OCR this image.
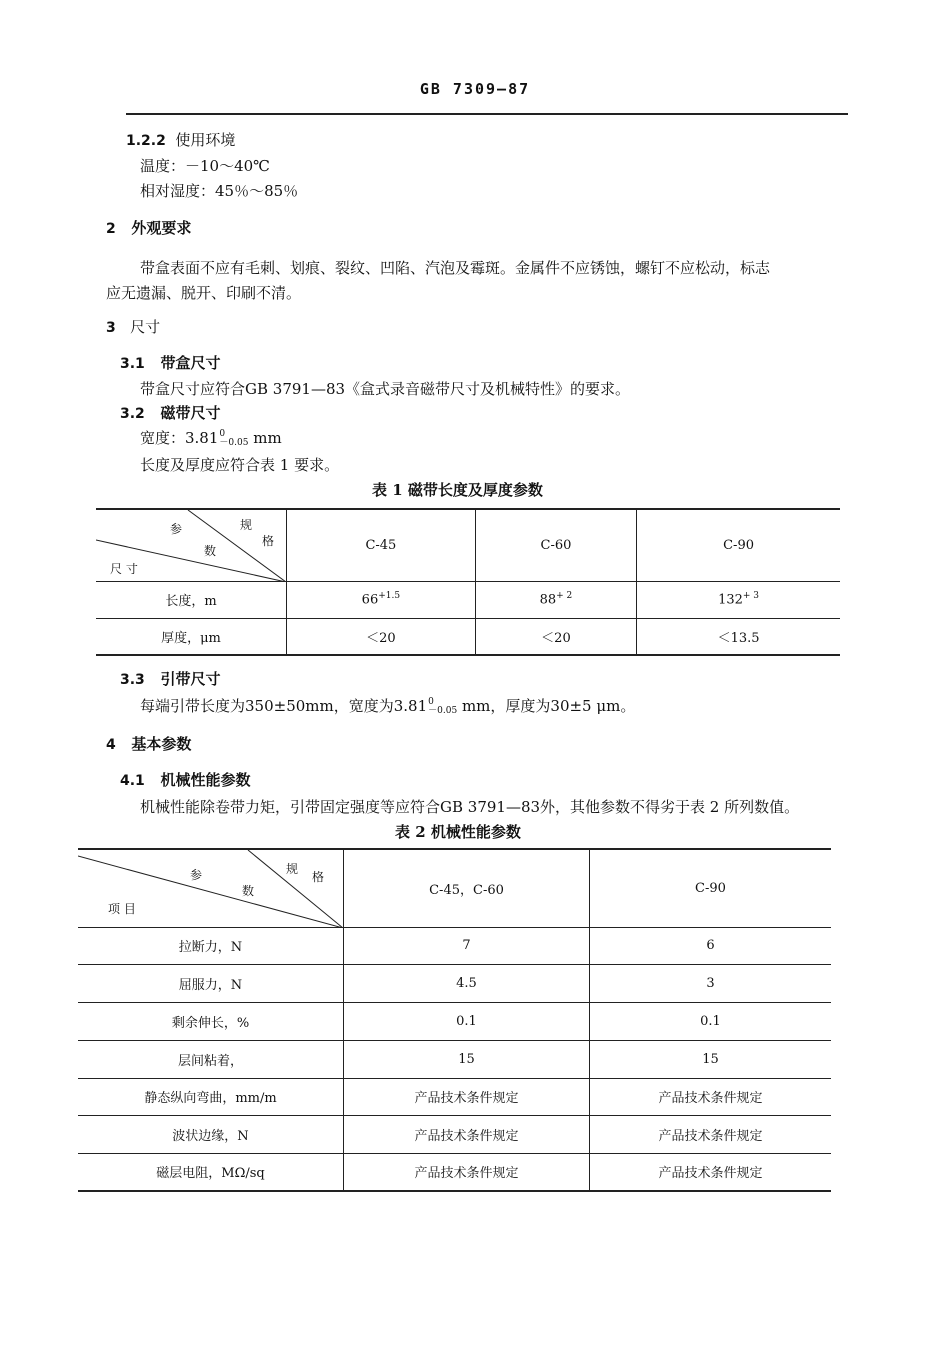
GB 7309—87
1.2.2 使用环境
温度：－10～40℃
相对湿度：45％～85％
2 外观要求
带盒表面不应有毛刺、划痕、裂纹、凹陷、汽泡及霉斑。金属件不应锈蚀，螺钉不应松动，标志
应无遗漏、脱开、印刷不清。
3 尺寸
3.1 带盒尺寸
带盒尺寸应符合GB 3791—83《盒式录音磁带尺寸及机械特性》的要求。
3.2 磁带尺寸
宽度：3.810
－0.05 mm
长度及厚度应符合表 1 要求。
表 1 磁带长度及厚度参数
参 规
格
数
尺 寸	C-45	C-60	C-90
长度，m	$66^{+1.5}$	$88^{+ 2}$	$132^{+ 3}$
厚度，μm	＜20	＜20	＜13.5
3.3 引带尺寸
每端引带长度为350±50mm，宽度为3.810
－0.05 mm，厚度为30±5 μm。
4 基本参数
4.1 机械性能参数
机械性能除卷带力矩，引带固定强度等应符合GB 3791—83外，其他参数不得劣于表 2 所列数值。
表 2 机械性能参数
参 规
格
数
项 目	C-45，C-60	C-90
拉断力，N	7	6
屈服力，N	4.5	3
剩余伸长，%	0.1	0.1
层间粘着，	15	15
静态纵向弯曲，mm/m	产品技术条件规定	产品技术条件规定
波状边缘，N	产品技术条件规定	产品技术条件规定
磁层电阻，MΩ/sq	产品技术条件规定	产品技术条件规定
